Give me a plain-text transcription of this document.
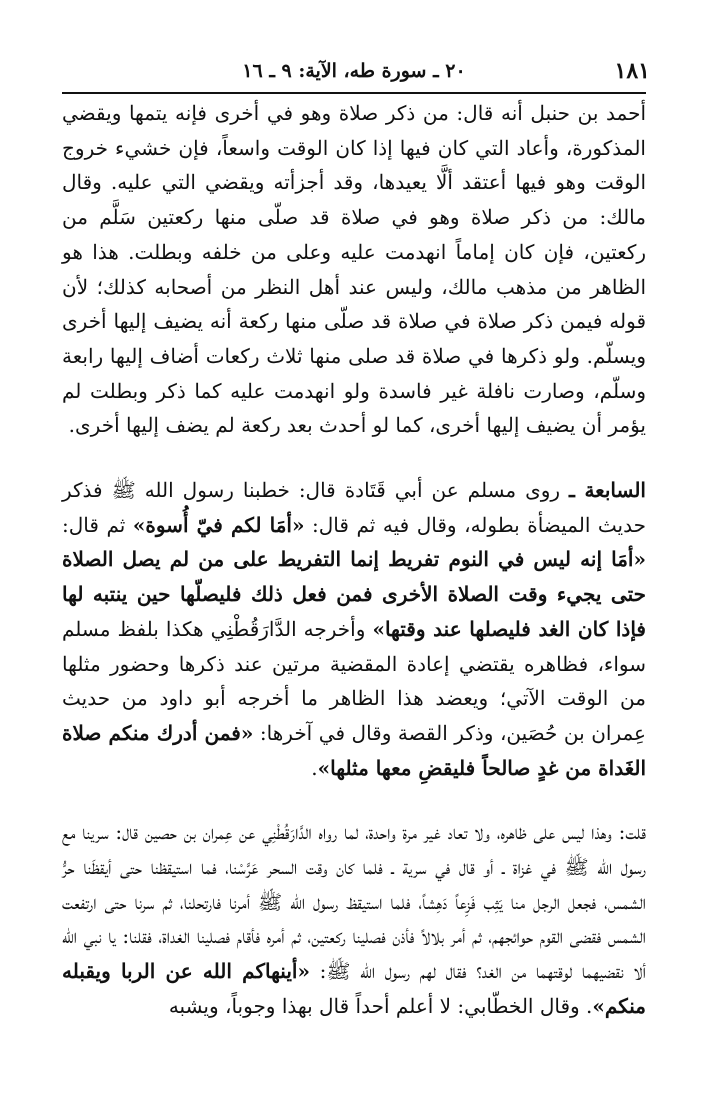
١٨١
٢٠ ـ سورة طه، الآية: ٩ ـ ١٦

أحمد بن حنبل أنه قال: من ذكر صلاة وهو في أخرى فإنه يتمها ويقضي المذكورة، وأعاد التي كان فيها إذا كان الوقت واسعاً، فإن خشيء خروج الوقت وهو فيها أعتقد ألَّا يعيدها، وقد أجزأته ويقضي التي عليه. وقال مالك: من ذكر صلاة وهو في صلاة قد صلّى منها ركعتين سَلَّم من ركعتين، فإن كان إماماً انهدمت عليه وعلى من خلفه وبطلت. هذا هو الظاهر من مذهب مالك، وليس عند أهل النظر من أصحابه كذلك؛ لأن قوله فيمن ذكر صلاة في صلاة قد صلّى منها ركعة أنه يضيف إليها أخرى ويسلّم. ولو ذكرها في صلاة قد صلى منها ثلاث ركعات أضاف إليها رابعة وسلّم، وصارت نافلة غير فاسدة ولو انهدمت عليه كما ذكر وبطلت لم يؤمر أن يضيف إليها أخرى، كما لو أحدث بعد ركعة لم يضف إليها أخرى.

السابعة ـ روى مسلم عن أبي قَتَادة قال: خطبنا رسول الله ﷺ فذكر حديث الميضأة بطوله، وقال فيه ثم قال: «أمَا لكم فيّ أُسوة» ثم قال: «أمَا إنه ليس في النوم تفريط إنما التفريط على من لم يصل الصلاة حتى يجيء وقت الصلاة الأخرى فمن فعل ذلك فليصلّها حين ينتبه لها فإذا كان الغد فليصلها عند وقتها» وأخرجه الدَّارَقُطْنِي هكذا بلفظ مسلم سواء، فظاهره يقتضي إعادة المقضية مرتين عند ذكرها وحضور مثلها من الوقت الآتي؛ ويعضد هذا الظاهر ما أخرجه أبو داود من حديث عِمران بن حُصَين، وذكر القصة وقال في آخرها: «فمن أدرك منكم صلاة الغَداة من غدٍ صالحاً فليقضِ معها مثلها».

قلت: وهذا ليس على ظاهره، ولا تعاد غير مرة واحدة، لما رواه الدَّارَقُطْنِي عن عِمران بن حصين قال: سرينا مع رسول الله ﷺ في غزاة ـ أو قال في سرية ـ فلما كان وقت السحر عَرَّسْنا، فما استيقظنا حتى أيقظَنا حرُّ الشمس، فجعل الرجل منا يَثِب فَزِعاً دَهِشاً، فلما استيقظ رسول الله ﷺ أمرنا فارتحلنا، ثم سرنا حتى ارتفعت الشمس فقضى القوم حوائجهم، ثم أمر بلالاً فأذن فصلينا ركعتين، ثم أمره فأقام فصلينا الغداة، فقلنا: يا نبي الله ألا نقضيهما لوقتهما من الغد؟ فقال لهم رسول الله ﷺ: «أينهاكم الله عن الربا ويقبله منكم». وقال الخطّابي: لا أعلم أحداً قال بهذا وجوباً، ويشبه
